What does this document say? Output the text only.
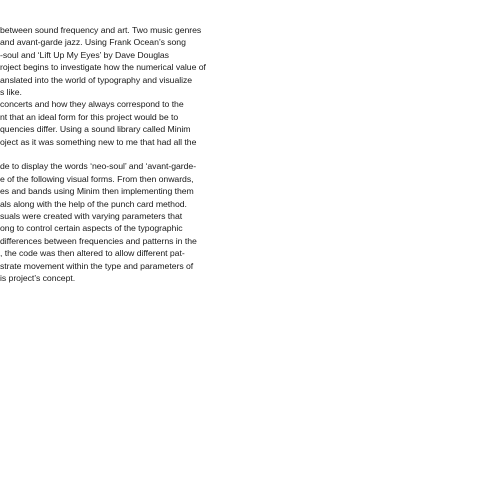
between sound frequency and art. Two music genres
and avant-garde jazz. Using Frank Ocean’s song
-soul and ‘Lift Up My Eyes’ by Dave Douglas
roject begins to investigate how the numerical value of
anslated into the world of typography and visualize
s like.
concerts and how they always correspond to the
nt that an ideal form for this project would be to
quencies differ. Using a sound library called Minim
oject as it was something new to me that had all the

de to display the words ‘neo-soul’ and ‘avant-garde-
e of the following visual forms. From then onwards,
es and bands using Minim then implementing them
als along with the help of the punch card method.
suals were created with varying parameters that
ong to control certain aspects of the typographic
differences between frequencies and patterns in the
, the code was then altered to allow different pat-
strate movement within the type and parameters of
is project’s concept.
